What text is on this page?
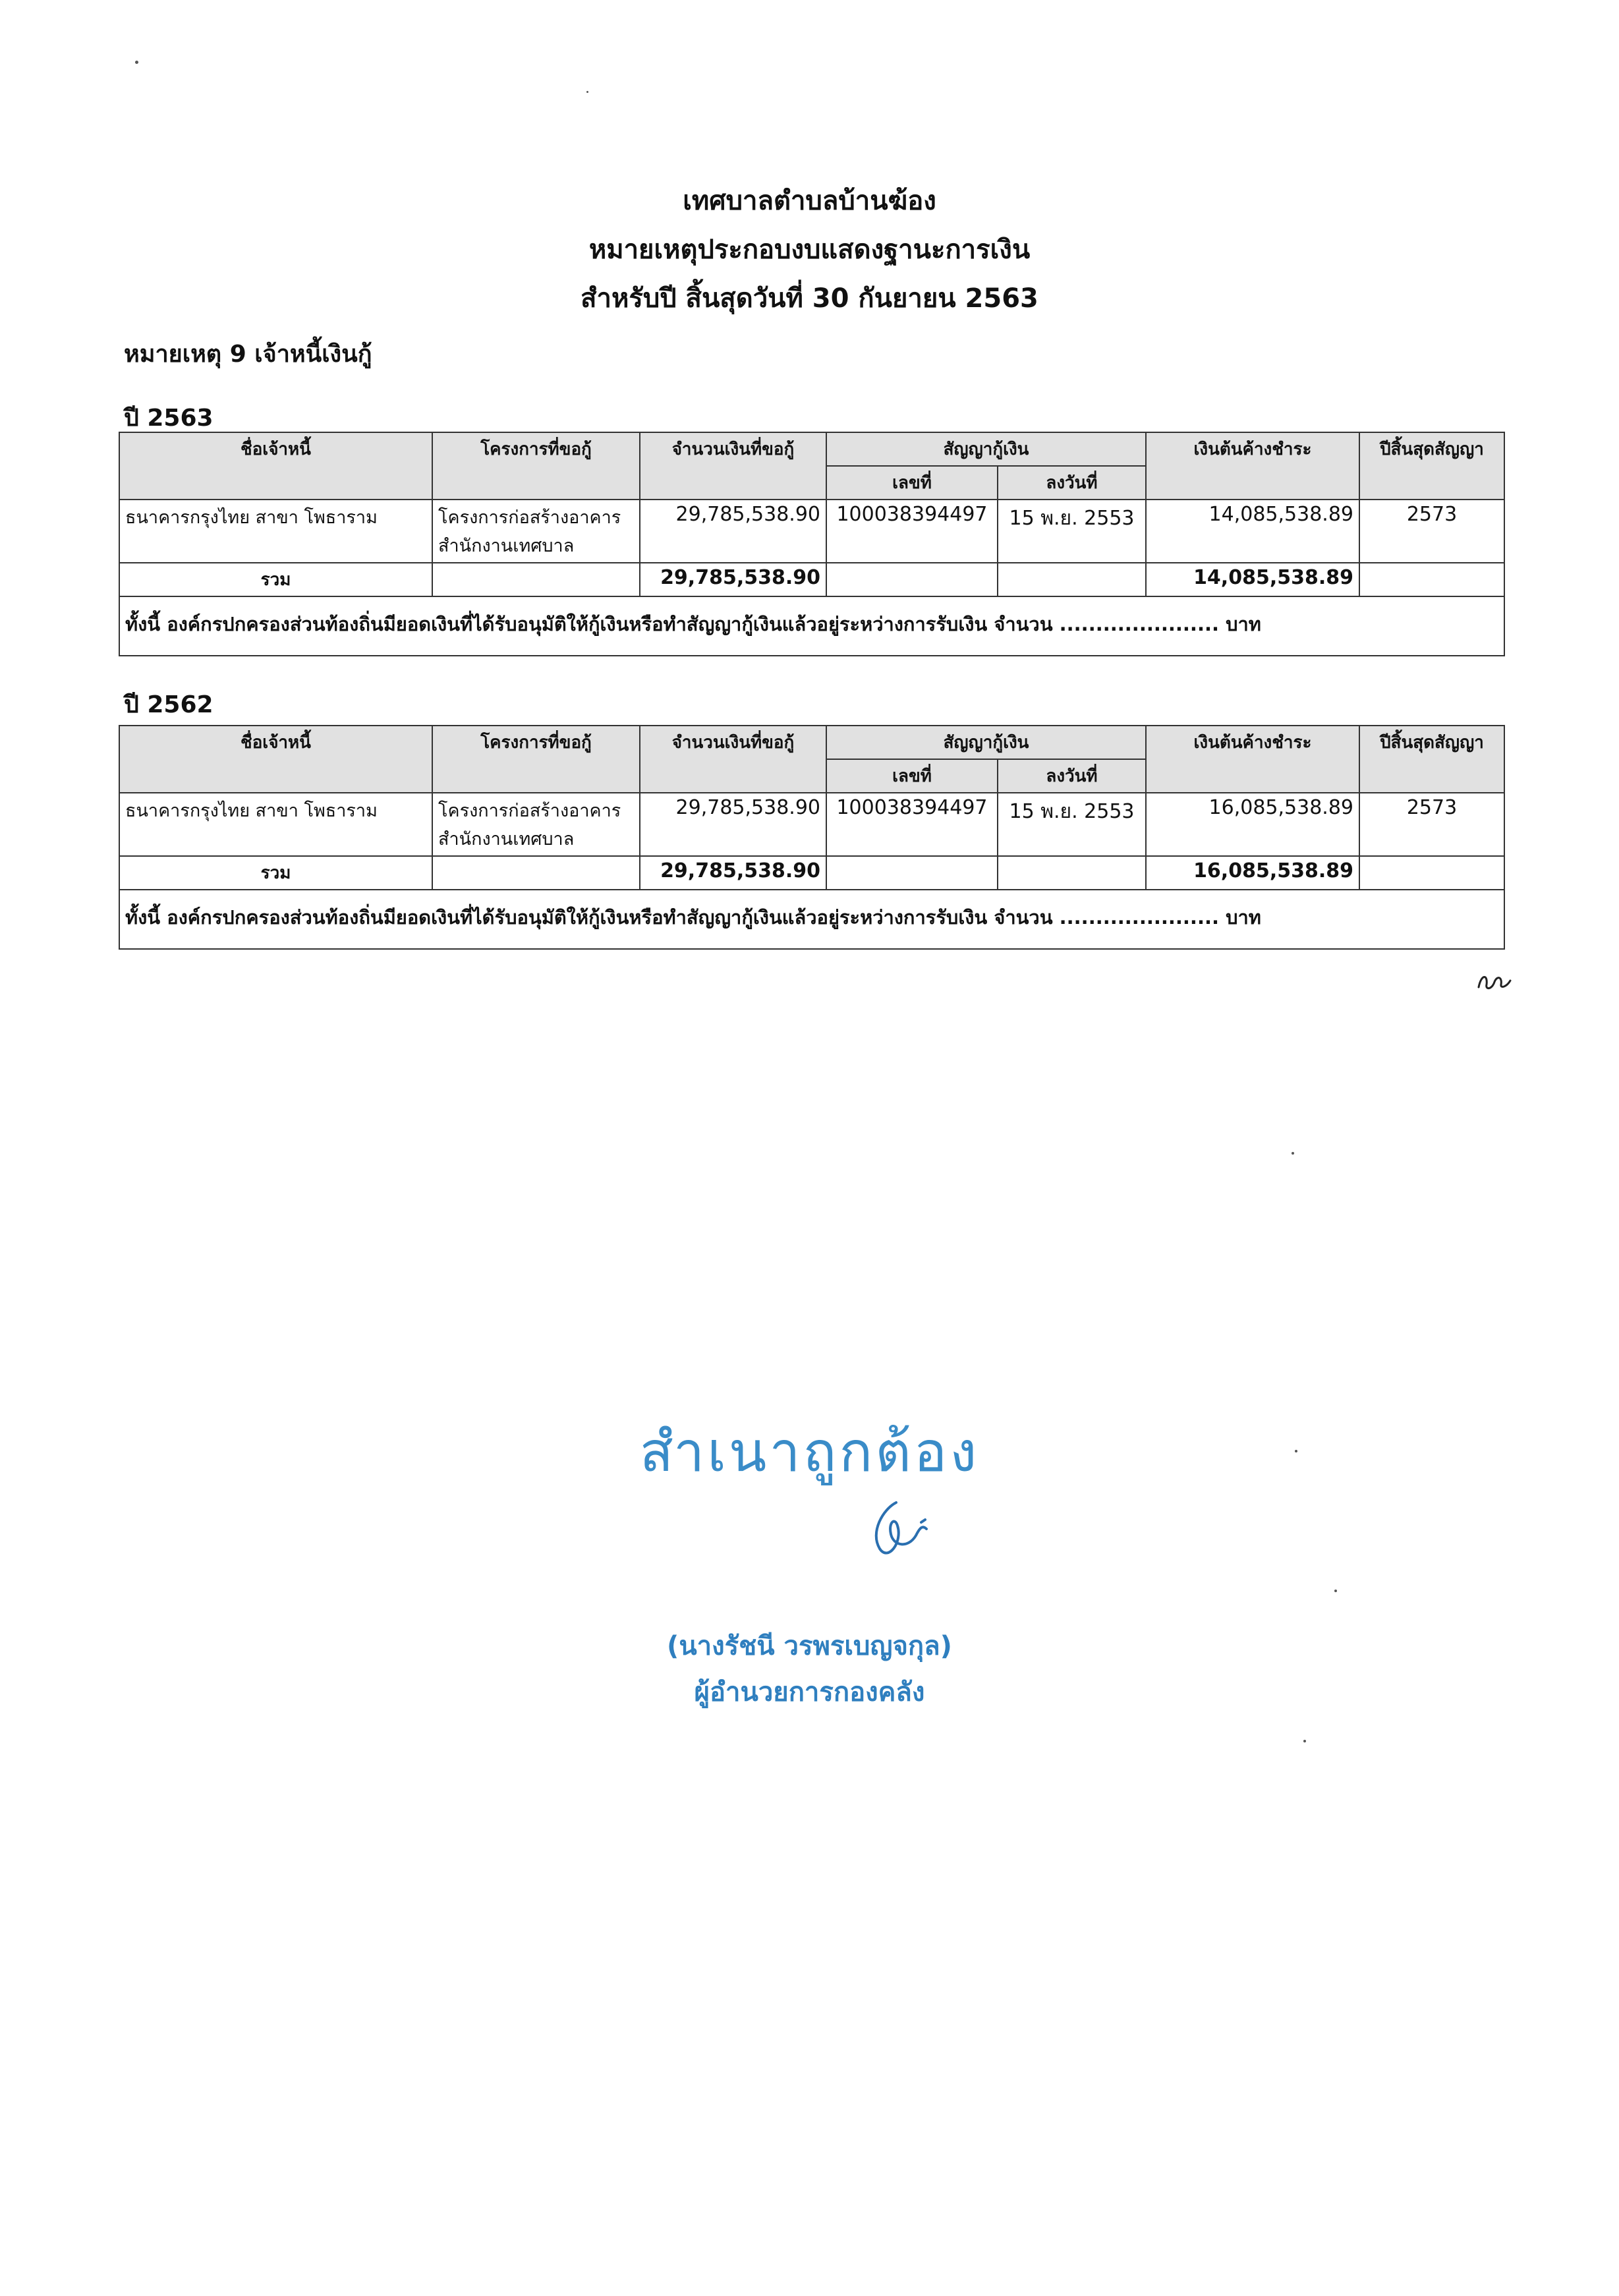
เทศบาลตำบลบ้านฆ้อง
หมายเหตุประกอบงบแสดงฐานะการเงิน
สำหรับปี สิ้นสุดวันที่ 30 กันยายน 2563
หมายเหตุ 9 เจ้าหนี้เงินกู้
ปี 2563
ชื่อเจ้าหนี้	โครงการที่ขอกู้	จำนวนเงินที่ขอกู้	สัญญากู้เงิน		เงินต้นค้างชำระ	ปีสิ้นสุดสัญญา
			เลขที่	ลงวันที่		
ธนาคารกรุงไทย สาขา โพธาราม	โครงการก่อสร้างอาคาร
สำนักงานเทศบาล	29,785,538.90	100038394497	15 พ.ย. 2553	14,085,538.89	2573
รวม		29,785,538.90			14,085,538.89	
ทั้งนี้ องค์กรปกครองส่วนท้องถิ่นมียอดเงินที่ได้รับอนุมัติให้กู้เงินหรือทำสัญญากู้เงินแล้วอยู่ระหว่างการรับเงิน จำนวน ...................... บาท						
ปี 2562
ชื่อเจ้าหนี้	โครงการที่ขอกู้	จำนวนเงินที่ขอกู้	สัญญากู้เงิน		เงินต้นค้างชำระ	ปีสิ้นสุดสัญญา
			เลขที่	ลงวันที่		
ธนาคารกรุงไทย สาขา โพธาราม	โครงการก่อสร้างอาคาร
สำนักงานเทศบาล	29,785,538.90	100038394497	15 พ.ย. 2553	16,085,538.89	2573
รวม		29,785,538.90			16,085,538.89	
ทั้งนี้ องค์กรปกครองส่วนท้องถิ่นมียอดเงินที่ได้รับอนุมัติให้กู้เงินหรือทำสัญญากู้เงินแล้วอยู่ระหว่างการรับเงิน จำนวน ...................... บาท						
สำเนาถูกต้อง
(นางรัชนี วรพรเบญจกุล)
ผู้อำนวยการกองคลัง
